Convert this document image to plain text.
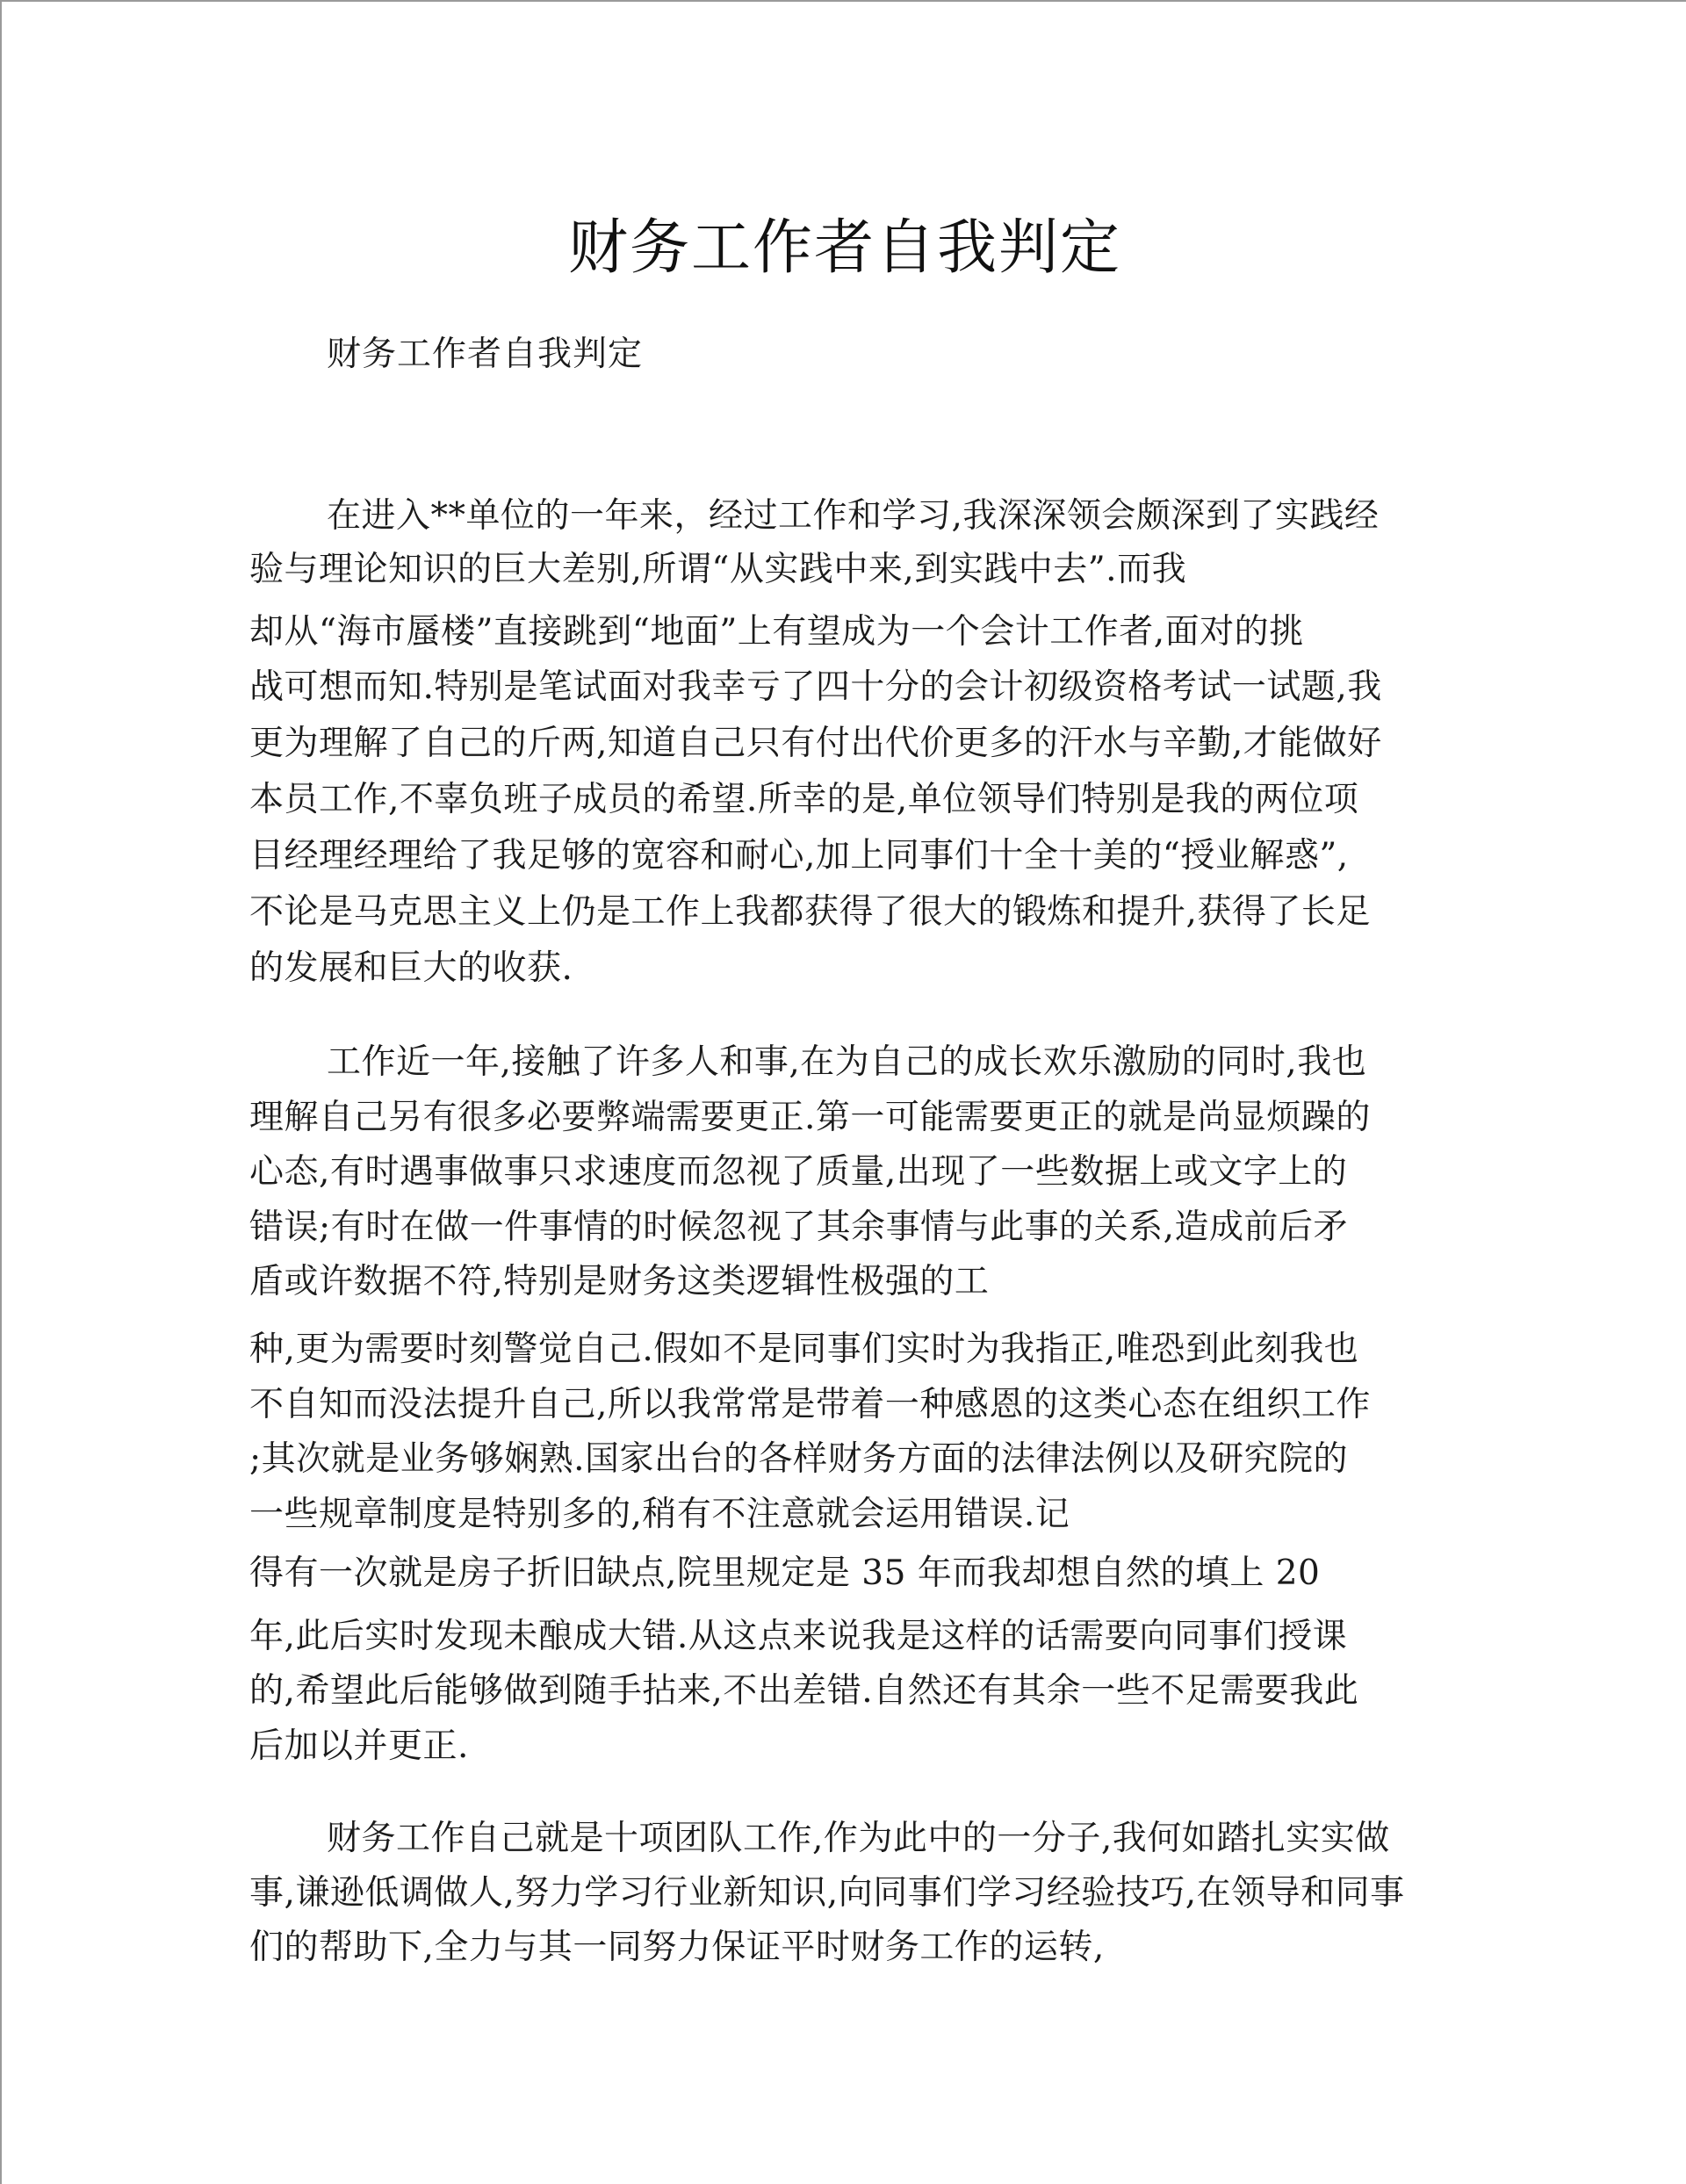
财务工作者自我判定
财务工作者自我判定
在进入**单位的一年来，经过工作和学习,我深深领会颇深到了实践经
验与理论知识的巨大差别,所谓“从实践中来,到实践中去”.而我
却从“海市蜃楼”直接跳到“地面”上有望成为一个会计工作者,面对的挑
战可想而知.特别是笔试面对我幸亏了四十分的会计初级资格考试一试题,我
更为理解了自己的斤两,知道自己只有付出代价更多的汗水与辛勤,才能做好
本员工作,不辜负班子成员的希望.所幸的是,单位领导们特别是我的两位项
目经理经理给了我足够的宽容和耐心,加上同事们十全十美的“授业解惑”,
不论是马克思主义上仍是工作上我都获得了很大的锻炼和提升,获得了长足
的发展和巨大的收获.
工作近一年,接触了许多人和事,在为自己的成长欢乐激励的同时,我也
理解自己另有很多必要弊端需要更正.第一可能需要更正的就是尚显烦躁的
心态,有时遇事做事只求速度而忽视了质量,出现了一些数据上或文字上的
错误;有时在做一件事情的时候忽视了其余事情与此事的关系,造成前后矛
盾或许数据不符,特别是财务这类逻辑性极强的工
种,更为需要时刻警觉自己.假如不是同事们实时为我指正,唯恐到此刻我也
不自知而没法提升自己,所以我常常是带着一种感恩的这类心态在组织工作
;其次就是业务够娴熟.国家出台的各样财务方面的法律法例以及研究院的
一些规章制度是特别多的,稍有不注意就会运用错误.记
得有一次就是房子折旧缺点,院里规定是 35 年而我却想自然的填上 20
年,此后实时发现未酿成大错.从这点来说我是这样的话需要向同事们授课
的,希望此后能够做到随手拈来,不出差错.自然还有其余一些不足需要我此
后加以并更正.
财务工作自己就是十项团队工作,作为此中的一分子,我何如踏扎实实做
事,谦逊低调做人,努力学习行业新知识,向同事们学习经验技巧,在领导和同事
们的帮助下,全力与其一同努力保证平时财务工作的运转,
